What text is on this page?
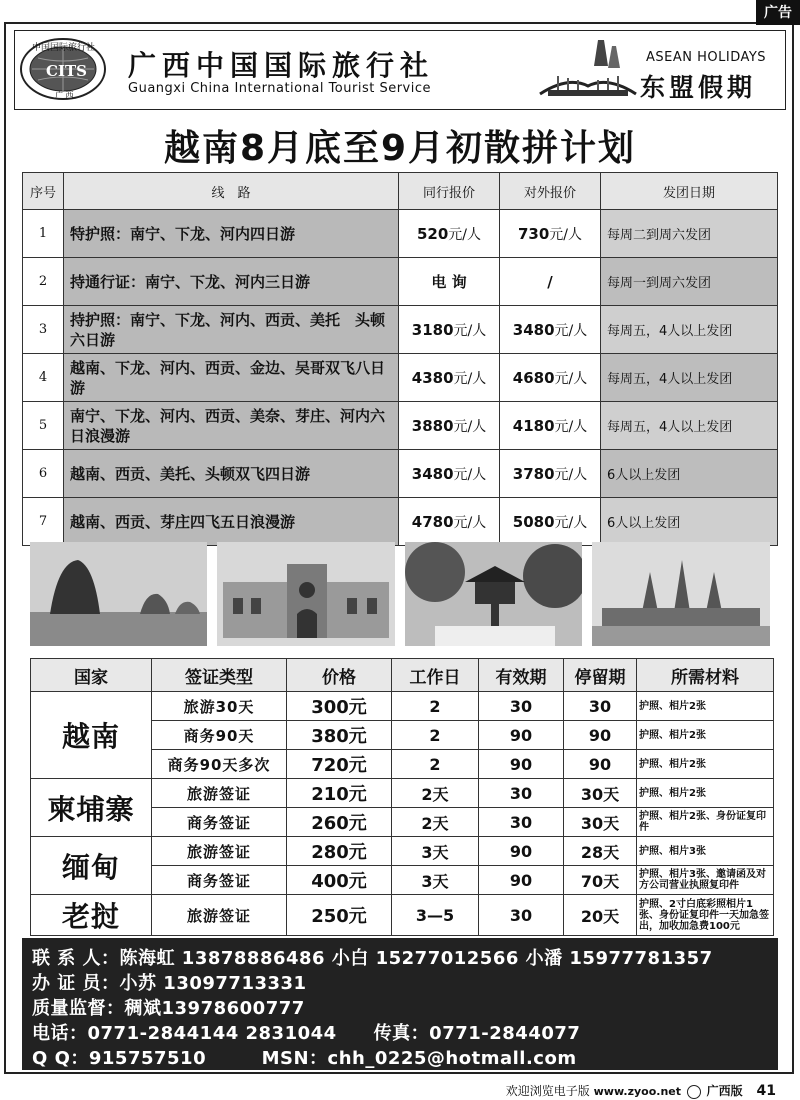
广告
CITS
中国国际旅行社
广 西
广西中国国际旅行社
Guangxi China International Tourist Service
ASEAN HOLIDAYS
东盟假期
越南8月底至9月初散拼计划
序号	线　路	同行报价	对外报价	发团日期
1	特护照：南宁、下龙、河内四日游	520元/人	730元/人	每周二到周六发团
2	持通行证：南宁、下龙、河内三日游	电 询	/	每周一到周六发团
3	持护照：南宁、下龙、河内、西贡、美托　头顿六日游	3180元/人	3480元/人	每周五，4人以上发团
4	越南、下龙、河内、西贡、金边、吴哥双飞八日游	4380元/人	4680元/人	每周五，4人以上发团
5	南宁、下龙、河内、西贡、美奈、芽庄、河内六日浪漫游	3880元/人	4180元/人	每周五，4人以上发团
6	越南、西贡、美托、头顿双飞四日游	3480元/人	3780元/人	6人以上发团
7	越南、西贡、芽庄四飞五日浪漫游	4780元/人	5080元/人	6人以上发团
国家	签证类型	价格	工作日	有效期	停留期	所需材料
越南	旅游30天	300元	2	30	30	护照、相片2张
	商务90天	380元	2	90	90	护照、相片2张
	商务90天多次	720元	2	90	90	护照、相片2张
柬埔寨	旅游签证	210元	2天	30	30天	护照、相片2张
	商务签证	260元	2天	30	30天	护照、相片2张、身份证复印件
缅甸	旅游签证	280元	3天	90	28天	护照、相片3张
	商务签证	400元	3天	90	70天	护照、相片3张、邀请函及对方公司营业执照复印件
老挝	旅游签证	250元	3—5	30	20天	护照、2寸白底彩照相片1张、身份证复印件一天加急签出，加收加急费100元
联 系 人：陈海虹 13878886486 小白 15277012566 小潘 15977781357
办 证 员：小苏 13097713331
质量监督：稠斌13978600777
电话：0771-2844144 2831044　　传真：0771-2844077
Q Q：915757510　　　MSN：chh_0225@hotmall.com
欢迎浏览电子版 www.zyoo.net 广西版 41
